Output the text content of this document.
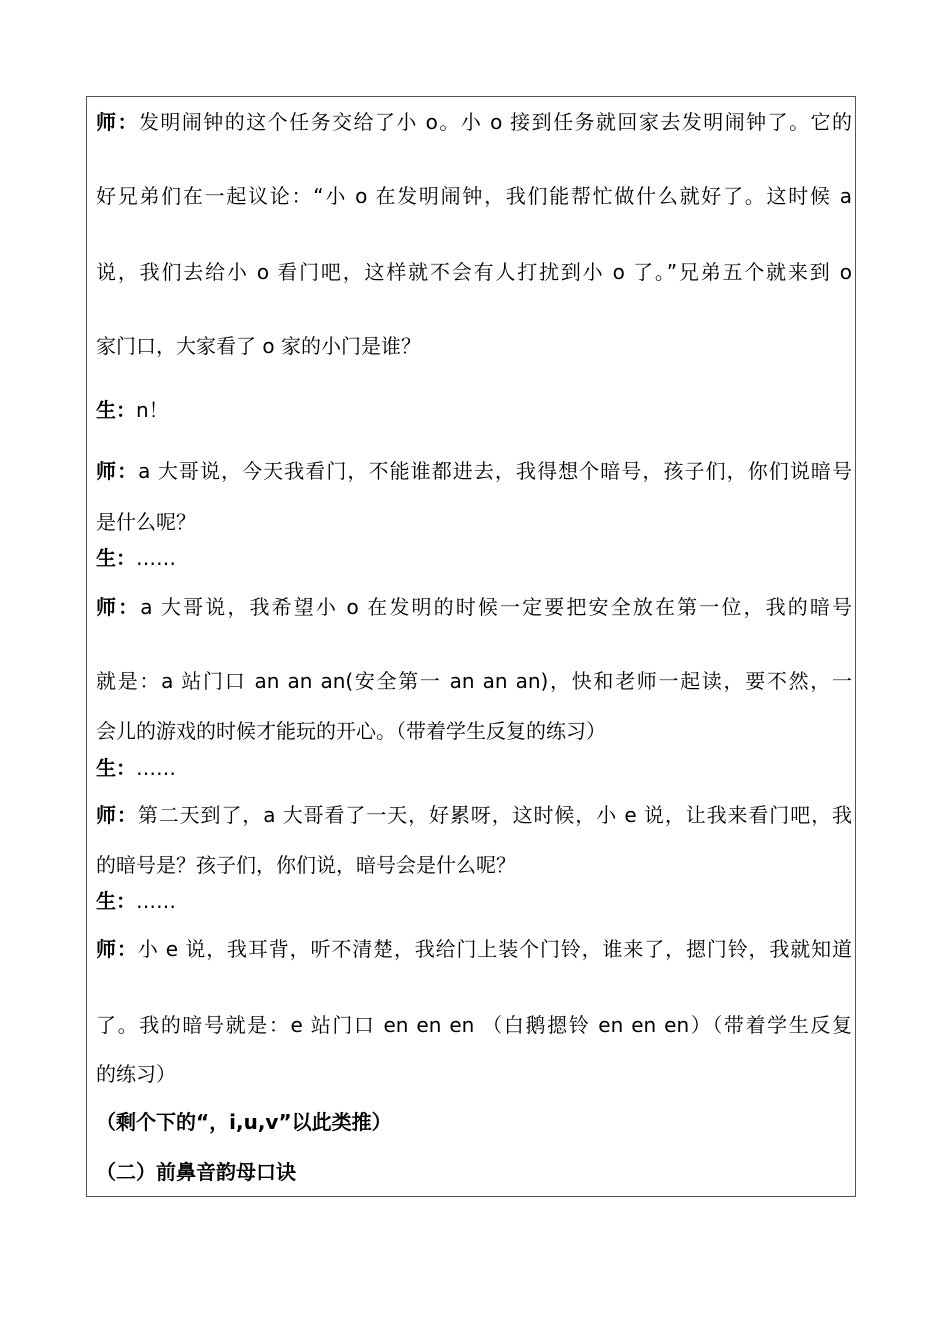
师：发明闹钟的这个任务交给了小 o。小 o 接到任务就回家去发明闹钟了。它的
好兄弟们在一起议论：“小 o 在发明闹钟，我们能帮忙做什么就好了。这时候 a
说，我们去给小 o 看门吧，这样就不会有人打扰到小 o 了。”兄弟五个就来到 o
家门口，大家看了 o 家的小门是谁？
生：n！
师：a 大哥说，今天我看门，不能谁都进去，我得想个暗号，孩子们，你们说暗号
是什么呢？
生：……
师：a 大哥说，我希望小 o 在发明的时候一定要把安全放在第一位，我的暗号
就是：a 站门口 an an an(安全第一 an an an)，快和老师一起读，要不然，一
会儿的游戏的时候才能玩的开心。（带着学生反复的练习）
生：……
师：第二天到了，a 大哥看了一天，好累呀，这时候，小 e 说，让我来看门吧，我
的暗号是？孩子们，你们说，暗号会是什么呢？
生：……
师：小 e 说，我耳背，听不清楚，我给门上装个门铃，谁来了，摁门铃，我就知道
了。我的暗号就是：e 站门口 en en en （白鹅摁铃 en en en）（带着学生反复
的练习）
（剩个下的“，i,u,v”以此类推）
（二）前鼻音韵母口诀
